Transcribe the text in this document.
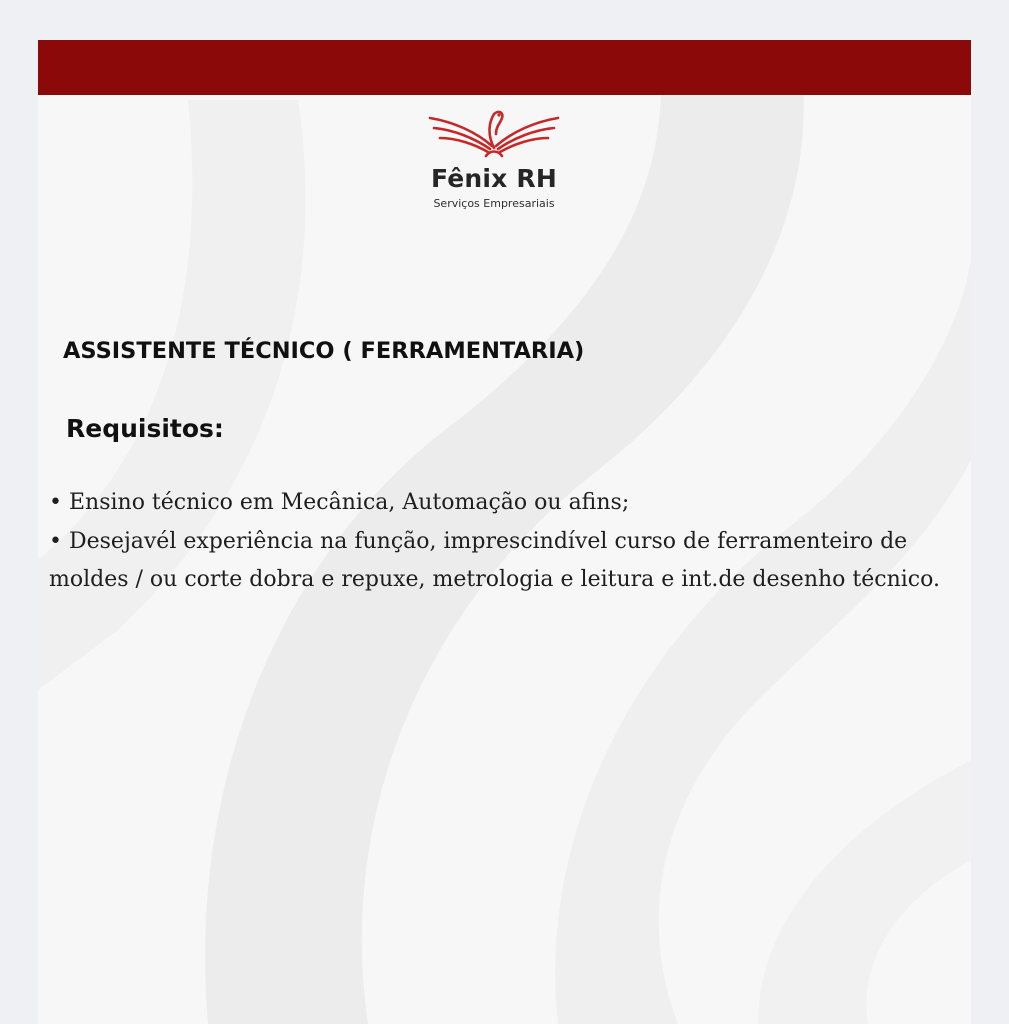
Fênix RH
Serviços Empresariais
ASSISTENTE TÉCNICO ( FERRAMENTARIA)
Requisitos:
• Ensino técnico em Mecânica, Automação ou afins;
• Desejavél experiência na função, imprescindível curso de ferramenteiro de moldes / ou corte dobra e repuxe, metrologia e leitura e int.de desenho técnico.
